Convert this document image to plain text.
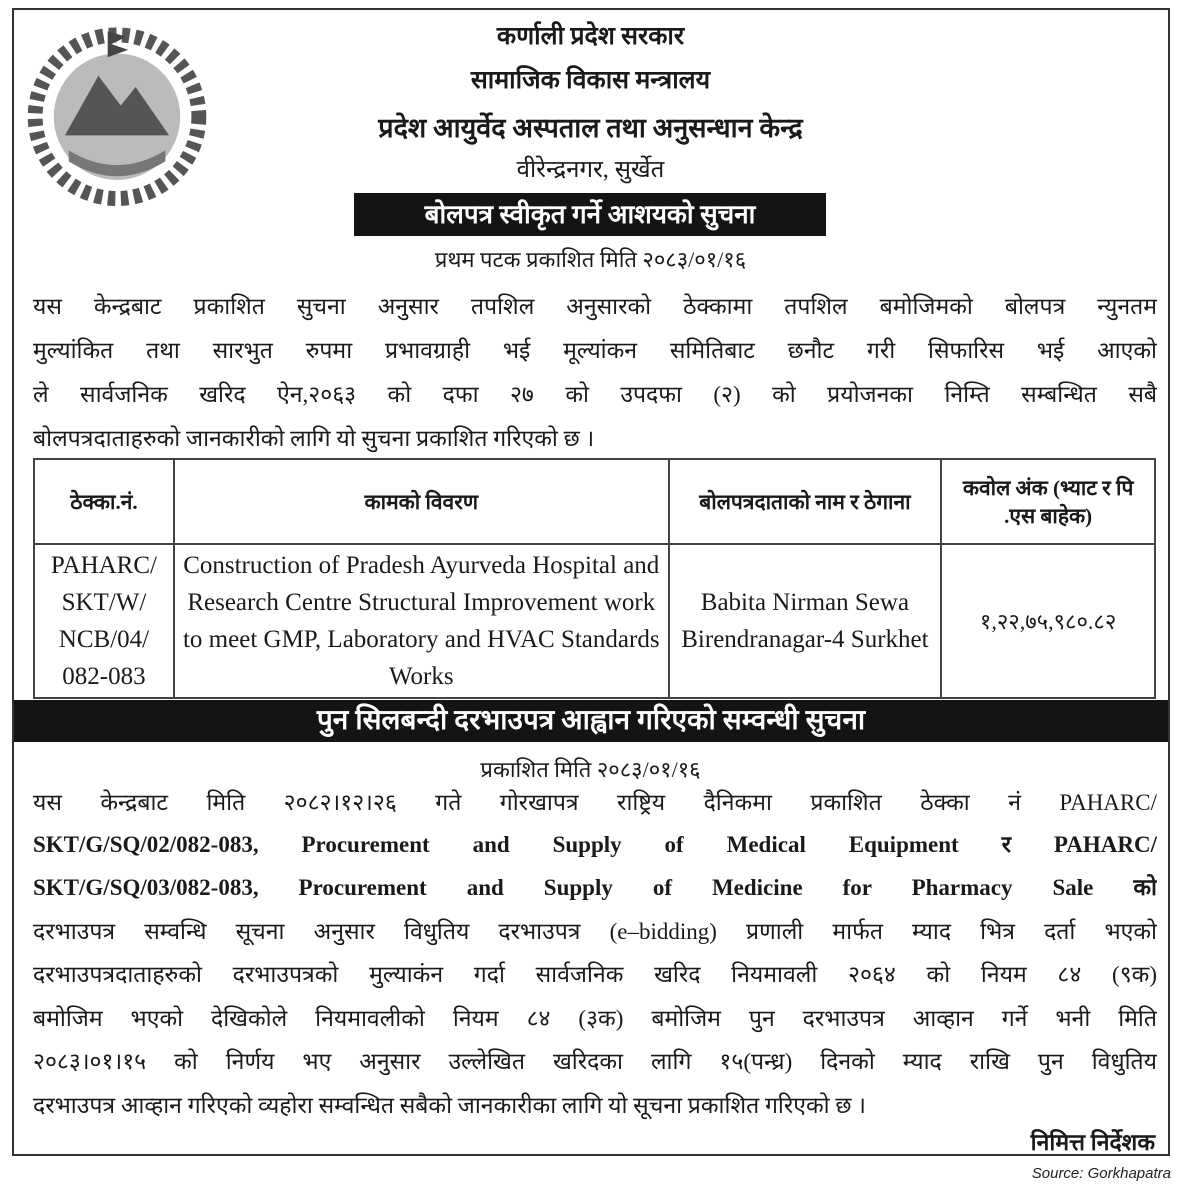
कर्णाली प्रदेश सरकार
सामाजिक विकास मन्त्रालय
प्रदेश आयुर्वेद अस्पताल तथा अनुसन्धान केन्द्र
वीरेन्द्रनगर, सुर्खेत
बोलपत्र स्वीकृत गर्ने आशयको सुचना
प्रथम पटक प्रकाशित मिति २०८३/०१/१६
यस केन्द्रबाट प्रकाशित सुचना अनुसार तपशिल अनुसारको ठेक्कामा तपशिल बमोजिमको बोलपत्र न्युनतम
मुल्यांकित तथा सारभुत रुपमा प्रभावग्राही भई मूल्यांकन समितिबाट छनौट गरी सिफारिस भई आएको
ले सार्वजनिक खरिद ऐन,२०६३ को दफा २७ को उपदफा (२) को प्रयोजनका निम्ति सम्बन्धित सबै
बोलपत्रदाताहरुको जानकारीको लागि यो सुचना प्रकाशित गरिएको छ ।
ठेक्का.नं.	कामको विवरण	बोलपत्रदाताको नाम र ठेगाना	कवोल अंक (भ्याट र पि .एस बाहेक)
PAHARC/ SKT/W/ NCB/04/ 082-083	Construction of Pradesh Ayurveda Hospital and Research Centre Structural Improvement work to meet GMP, Laboratory and HVAC Standards Works	Babita Nirman Sewa Birendranagar-4 Surkhet	१,२२,७५,९८०.८२
पुन सिलबन्दी दरभाउपत्र आह्वान गरिएको सम्वन्धी सुचना
प्रकाशित मिति २०८३/०१/१६
यस केन्द्रबाट मिति २०८२।१२।२६ गते गोरखापत्र राष्ट्रिय दैनिकमा प्रकाशित ठेक्का नं PAHARC/
SKT/G/SQ/02/082-083, Procurement and Supply of Medical Equipment र PAHARC/
SKT/G/SQ/03/082-083, Procurement and Supply of Medicine for Pharmacy Sale को
दरभाउपत्र सम्वन्धि सूचना अनुसार विधुतिय दरभाउपत्र (e–bidding) प्रणाली मार्फत म्याद भित्र दर्ता भएको
दरभाउपत्रदाताहरुको दरभाउपत्रको मुल्याकंन गर्दा सार्वजनिक खरिद नियमावली २०६४ को नियम ८४ (९क)
बमोजिम भएको देखिकोले नियमावलीको नियम ८४ (३क) बमोजिम पुन दरभाउपत्र आव्हान गर्ने भनी मिति
२०८३।०१।१५ को निर्णय भए अनुसार उल्लेखित खरिदका लागि १५(पन्ध्र) दिनको म्याद राखि पुन विधुतिय
दरभाउपत्र आव्हान गरिएको व्यहोरा सम्वन्धित सबैको जानकारीका लागि यो सूचना प्रकाशित गरिएको छ ।
निमित्त निर्देशक
Source: Gorkhapatra
